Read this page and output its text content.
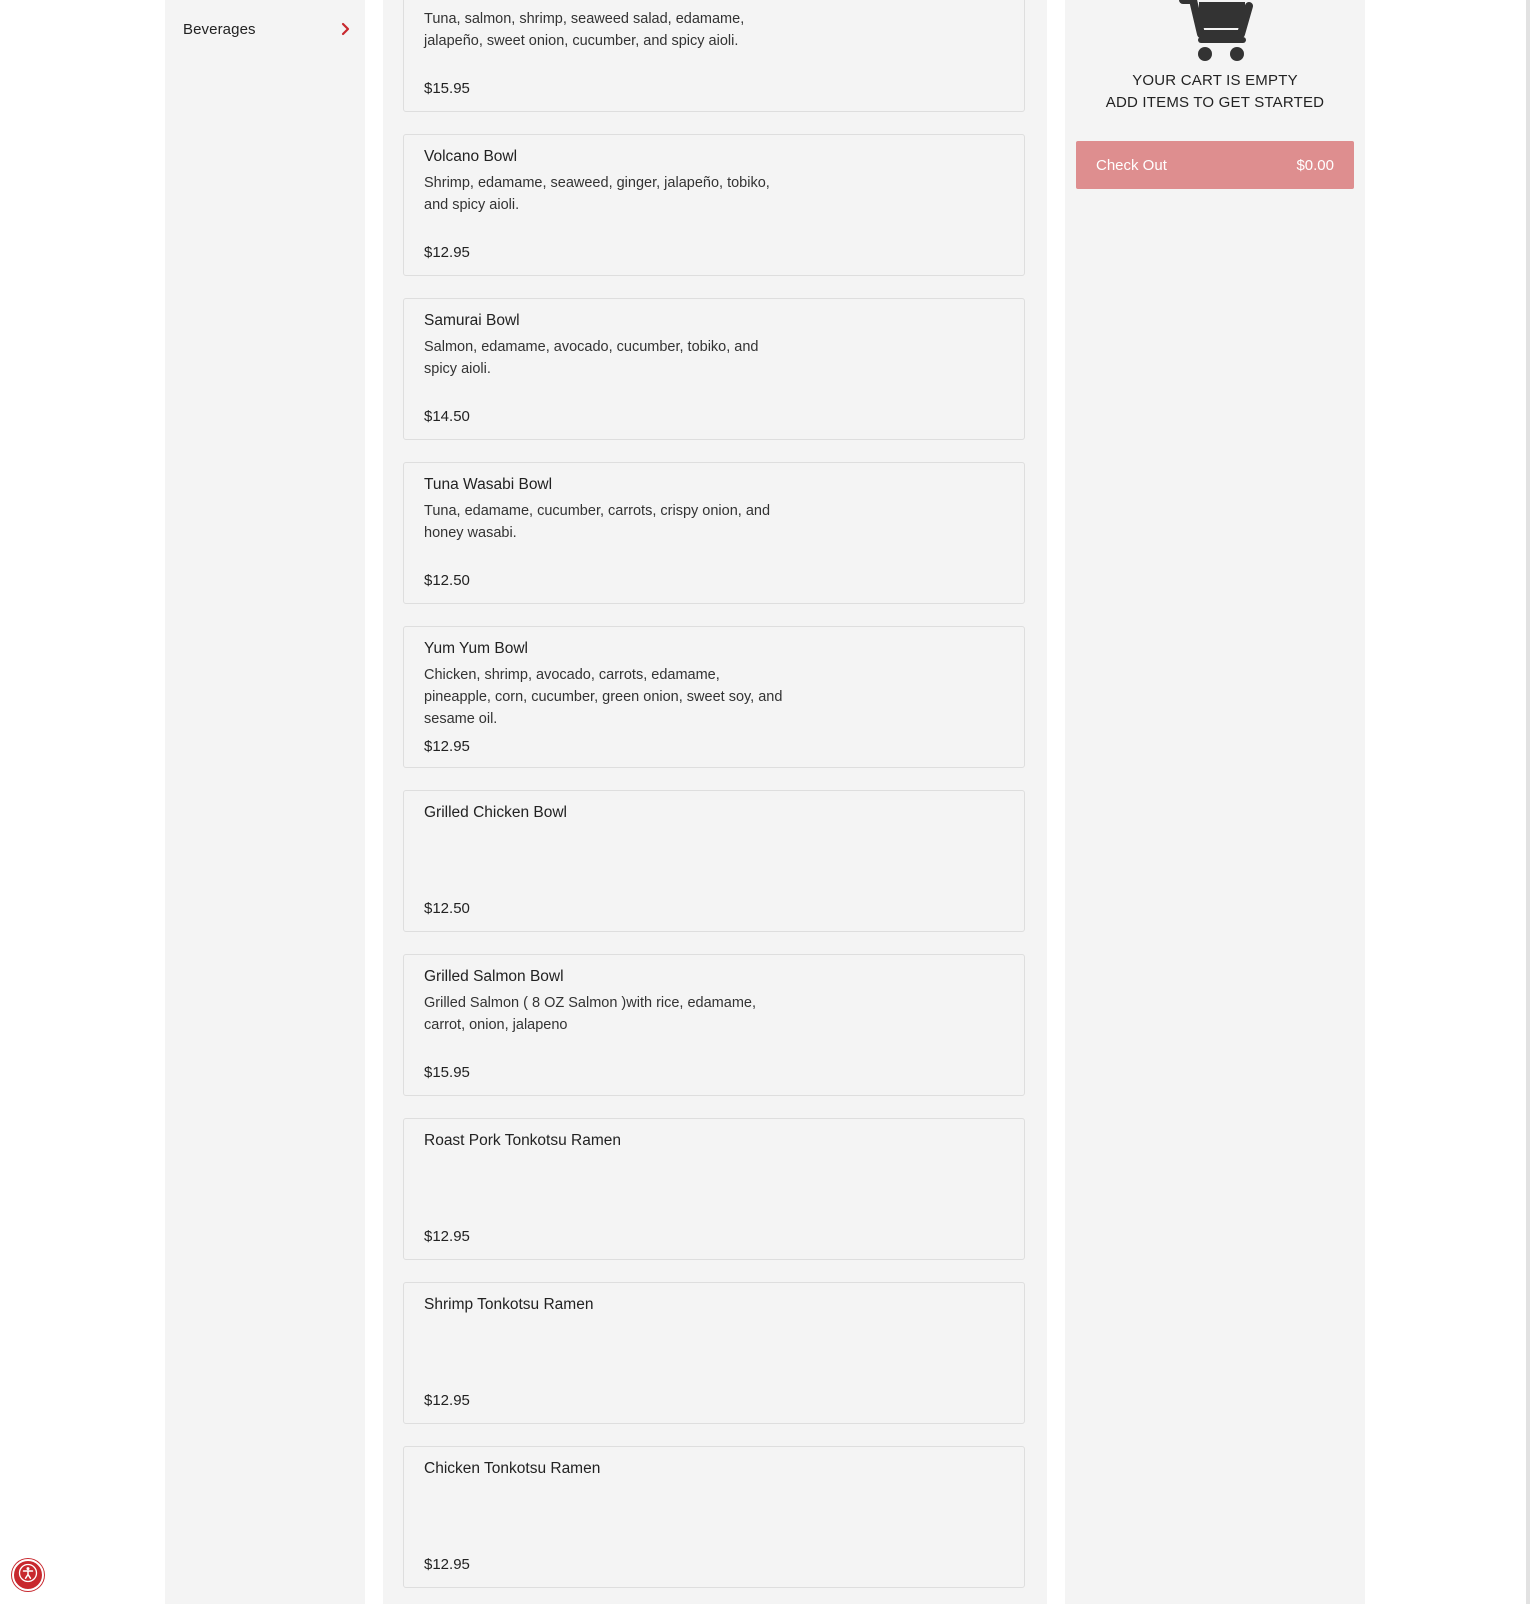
Beverages
Tuna, salmon, shrimp, seaweed salad, edamame, jalapeño, sweet onion, cucumber, and spicy aioli.
$15.95
Volcano Bowl
Shrimp, edamame, seaweed, ginger, jalapeño, tobiko, and spicy aioli.
$12.95
Samurai Bowl
Salmon, edamame, avocado, cucumber, tobiko, and spicy aioli.
$14.50
Tuna Wasabi Bowl
Tuna, edamame, cucumber, carrots, crispy onion, and honey wasabi.
$12.50
Yum Yum Bowl
Chicken, shrimp, avocado, carrots, edamame, pineapple, corn, cucumber, green onion, sweet soy, and sesame oil.
$12.95
Grilled Chicken Bowl
$12.50
Grilled Salmon Bowl
Grilled Salmon ( 8 OZ Salmon )with rice, edamame, carrot, onion, jalapeno
$15.95
Roast Pork Tonkotsu Ramen
$12.95
Shrimp Tonkotsu Ramen
$12.95
Chicken Tonkotsu Ramen
$12.95
YOUR CART IS EMPTY
ADD ITEMS TO GET STARTED
Check Out	$0.00
